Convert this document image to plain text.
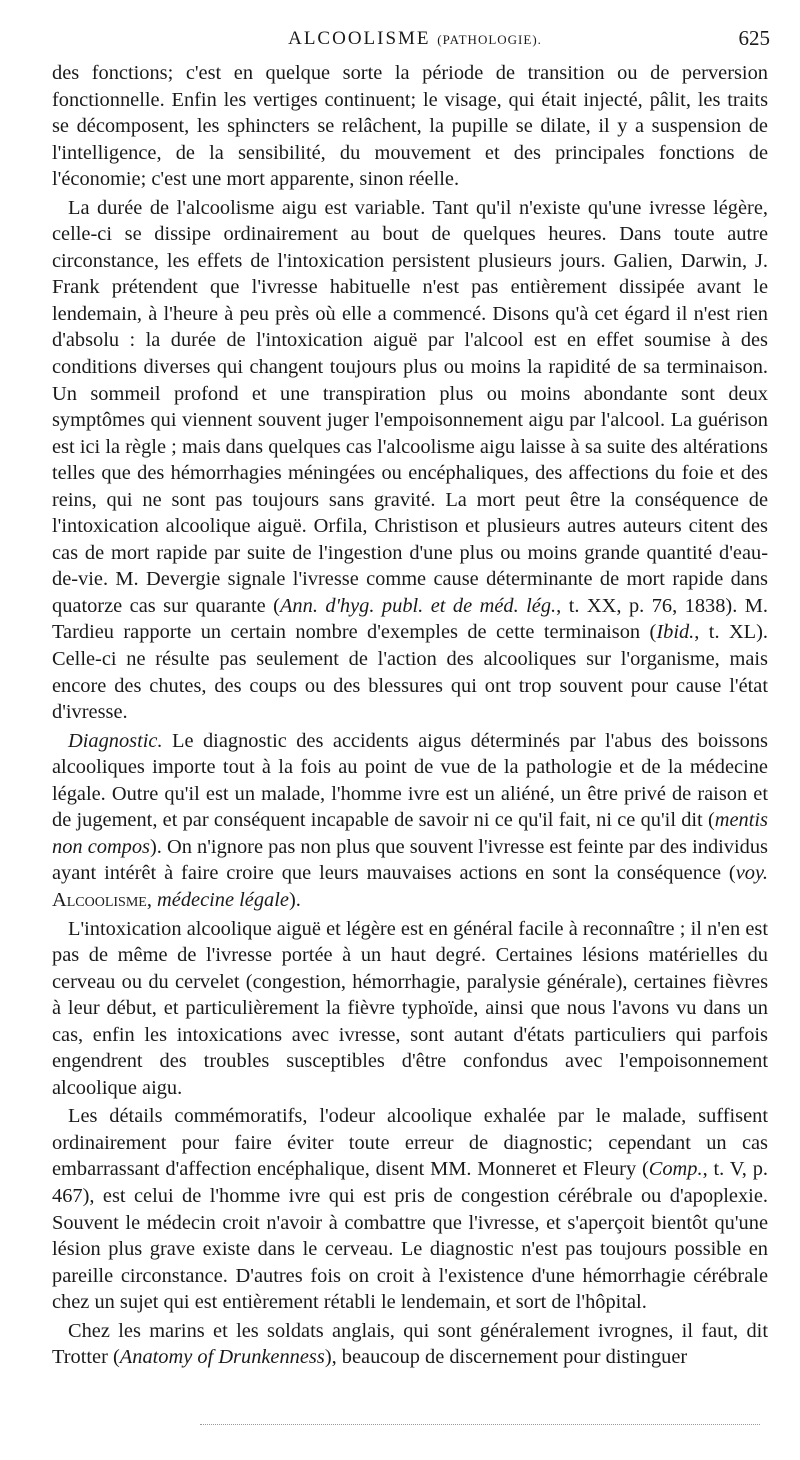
ALCOOLISME (PATHOLOGIE).	625

des fonctions; c'est en quelque sorte la période de transition ou de perversion fonctionnelle. Enfin les vertiges continuent; le visage, qui était injecté, pâlit, les traits se décomposent, les sphincters se relâchent, la pupille se dilate, il y a suspension de l'intelligence, de la sensibilité, du mouvement et des principales fonctions de l'économie; c'est une mort apparente, sinon réelle.

La durée de l'alcoolisme aigu est variable. Tant qu'il n'existe qu'une ivresse légère, celle-ci se dissipe ordinairement au bout de quelques heures. Dans toute autre circonstance, les effets de l'intoxication persistent plusieurs jours. Galien, Darwin, J. Frank prétendent que l'ivresse habituelle n'est pas entièrement dissipée avant le lendemain, à l'heure à peu près où elle a commencé. Disons qu'à cet égard il n'est rien d'absolu : la durée de l'intoxication aiguë par l'alcool est en effet soumise à des conditions diverses qui changent toujours plus ou moins la rapidité de sa terminaison. Un sommeil profond et une transpiration plus ou moins abondante sont deux symptômes qui viennent souvent juger l'empoisonnement aigu par l'alcool. La guérison est ici la règle ; mais dans quelques cas l'alcoolisme aigu laisse à sa suite des altérations telles que des hémorrhagies méningées ou encéphaliques, des affections du foie et des reins, qui ne sont pas toujours sans gravité. La mort peut être la conséquence de l'intoxication alcoolique aiguë. Orfila, Christison et plusieurs autres auteurs citent des cas de mort rapide par suite de l'ingestion d'une plus ou moins grande quantité d'eau-de-vie. M. Devergie signale l'ivresse comme cause déterminante de mort rapide dans quatorze cas sur quarante (Ann. d'hyg. publ. et de méd. lég., t. XX, p. 76, 1838). M. Tardieu rapporte un certain nombre d'exemples de cette terminaison (Ibid., t. XL). Celle-ci ne résulte pas seulement de l'action des alcooliques sur l'organisme, mais encore des chutes, des coups ou des blessures qui ont trop souvent pour cause l'état d'ivresse.

Diagnostic. Le diagnostic des accidents aigus déterminés par l'abus des boissons alcooliques importe tout à la fois au point de vue de la pathologie et de la médecine légale. Outre qu'il est un malade, l'homme ivre est un aliéné, un être privé de raison et de jugement, et par conséquent incapable de savoir ni ce qu'il fait, ni ce qu'il dit (mentis non compos). On n'ignore pas non plus que souvent l'ivresse est feinte par des individus ayant intérêt à faire croire que leurs mauvaises actions en sont la conséquence (voy. Alcoolisme, médecine légale).

L'intoxication alcoolique aiguë et légère est en général facile à reconnaître ; il n'en est pas de même de l'ivresse portée à un haut degré. Certaines lésions matérielles du cerveau ou du cervelet (congestion, hémorrhagie, paralysie générale), certaines fièvres à leur début, et particulièrement la fièvre typhoïde, ainsi que nous l'avons vu dans un cas, enfin les intoxications avec ivresse, sont autant d'états particuliers qui parfois engendrent des troubles susceptibles d'être confondus avec l'empoisonnement alcoolique aigu.

Les détails commémoratifs, l'odeur alcoolique exhalée par le malade, suffisent ordinairement pour faire éviter toute erreur de diagnostic; cependant un cas embarrassant d'affection encéphalique, disent MM. Monneret et Fleury (Comp., t. V, p. 467), est celui de l'homme ivre qui est pris de congestion cérébrale ou d'apoplexie. Souvent le médecin croit n'avoir à combattre que l'ivresse, et s'aperçoit bientôt qu'une lésion plus grave existe dans le cerveau. Le diagnostic n'est pas toujours possible en pareille circonstance. D'autres fois on croit à l'existence d'une hémorrhagie cérébrale chez un sujet qui est entièrement rétabli le lendemain, et sort de l'hôpital.

Chez les marins et les soldats anglais, qui sont généralement ivrognes, il faut, dit Trotter (Anatomy of Drunkenness), beaucoup de discernement pour distinguer
